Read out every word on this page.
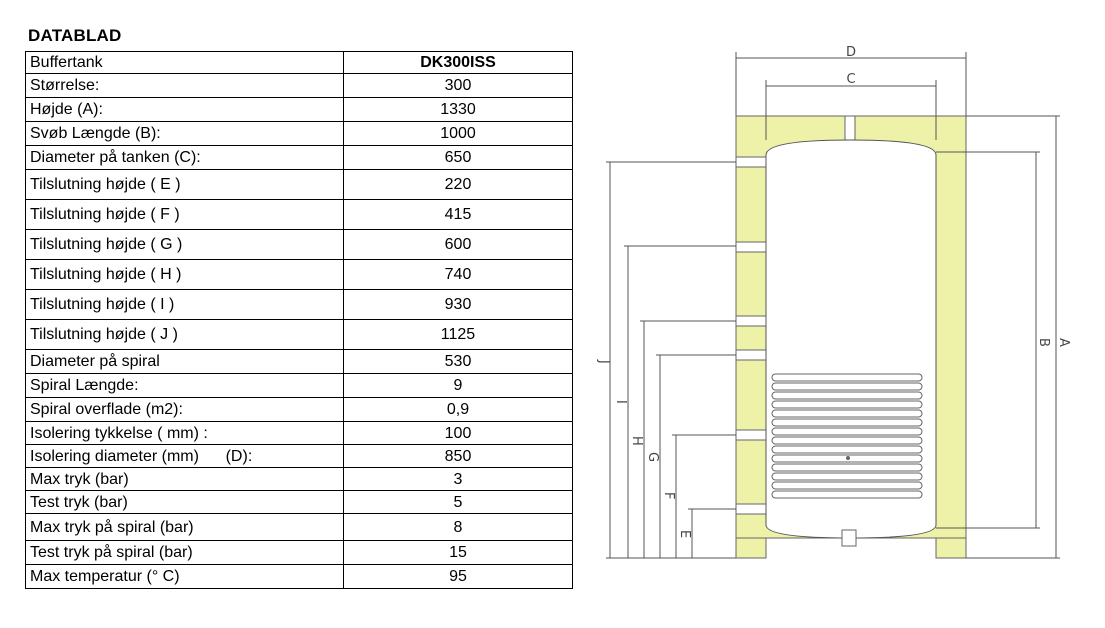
DATABLAD
Buffertank	DK300ISS
Størrelse:	300
Højde (A):	1330
Svøb Længde (B):	1000
Diameter på tanken (C):	650
Tilslutning højde ( E )	220
Tilslutning højde ( F )	415
Tilslutning højde ( G )	600
Tilslutning højde ( H )	740
Tilslutning højde ( I )	930
Tilslutning højde ( J )	1125
Diameter på spiral	530
Spiral Længde:	9
Spiral overflade (m2):	0,9
Isolering tykkelse ( mm) :	100
Isolering diameter (mm)      (D):	850
Max tryk (bar)	3
Test tryk (bar)	5
Max tryk på spiral (bar)	8
Test tryk på spiral (bar)	15
Max temperatur (° C)	95
D
C
A
B
J
I
H
G
F
E
